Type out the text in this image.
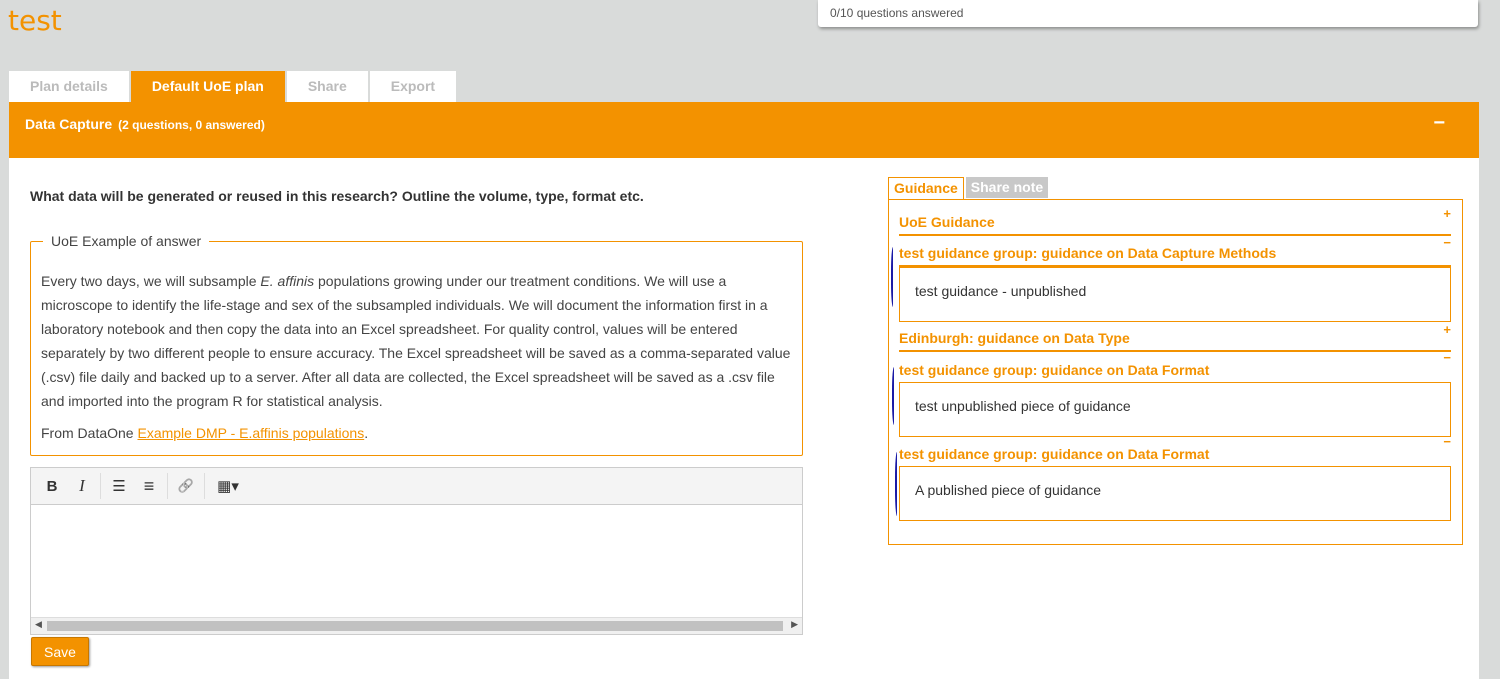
test	0/10 questions answered
Plan details	Default UoE plan	Share	Export
Data Capture (2 questions, 0 answered)	−
What data will be generated or reused in this research? Outline the volume, type, format etc.
UoE Example of answer

Every two days, we will subsample E. affinis populations growing under our treatment conditions. We will use a microscope to identify the life-stage and sex of the subsampled individuals. We will document the information first in a laboratory notebook and then copy the data into an Excel spreadsheet. For quality control, values will be entered separately by two different people to ensure accuracy. The Excel spreadsheet will be saved as a comma-separated value (.csv) file daily and backed up to a server. After all data are collected, the Excel spreadsheet will be saved as a .csv file and imported into the program R for statistical analysis.

From DataOne Example DMP - E.affinis populations.

B	I	☰	≡	🔗	▦▾
◀	▶
Save
Guidance Share note
UoE Guidance
+
test guidance group: guidance on Data Capture Methods
−
test guidance - unpublished
Edinburgh: guidance on Data Type
+
test guidance group: guidance on Data Format
−
test unpublished piece of guidance
test guidance group: guidance on Data Format
−
A published piece of guidance
